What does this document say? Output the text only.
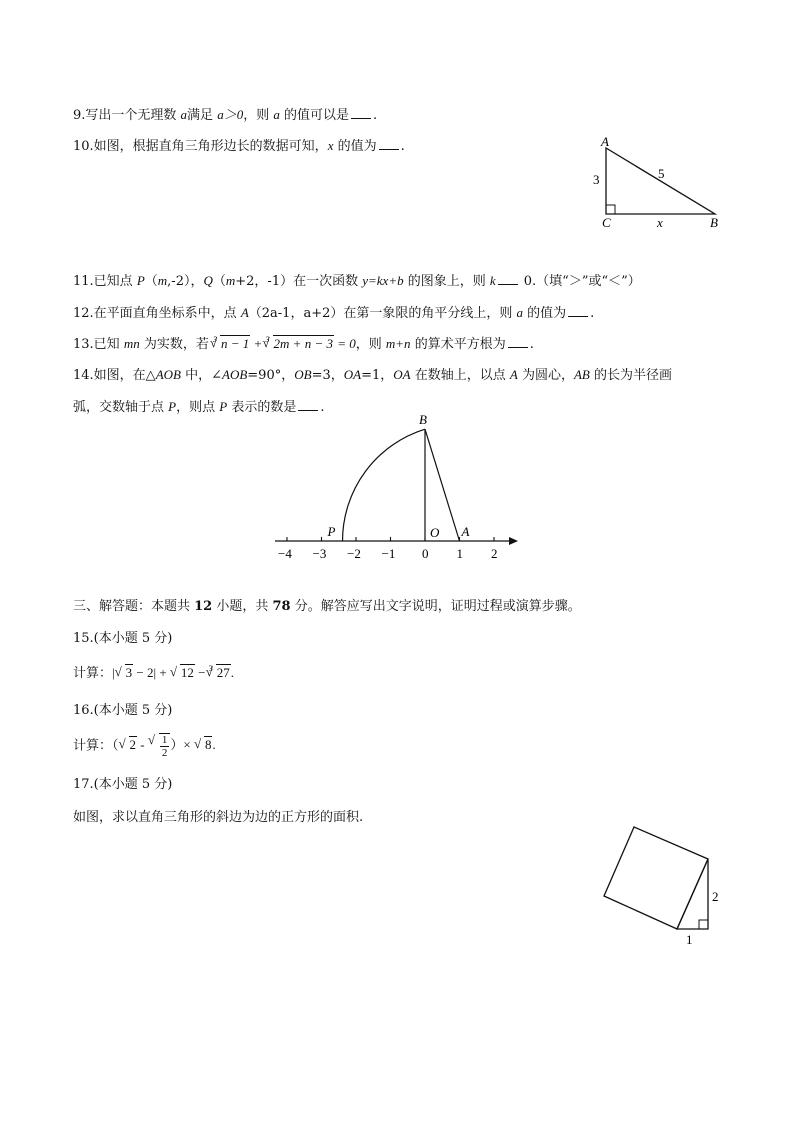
9.写出一个无理数 a满足 a＞0，则 a 的值可以是 .
10.如图，根据直角三角形边长的数据可知，x 的值为 .	A
C	B
3	5
x
11.已知点 P（m,-2），Q（m+2，-1）在一次函数 y=kx+b 的图象上，则 k 0.（填“＞”或“＜”）
12.在平面直角坐标系中，点 A（2a-1，a+2）在第一象限的角平分线上，则 a 的值为 .
13.已知 mn 为实数，若 $^3$ √ n − 1 + $^3$ √ 2m + n − 3 = 0，则 m+n 的算术平方根为 .
14.如图，在△AOB 中，∠AOB=90°，OB=3，OA=1，OA 在数轴上，以点 A 为圆心，AB 的长为半径画
弧，交数轴于点 P，则点 P 表示的数是 .
−4 −3 −2 −1 0 1 2
B
P	O A
三、解答题：本题共 12 小题，共 78 分。解答应写出文字说明，证明过程或演算步骤。
15.(本小题 5 分)
计算：| √ 3 − 2| + √ 12 − $^3$ √ 27.
16.(本小题 5 分)
计算：（ √ 2 - √ $\frac{1}{2}$ ）× √ 8.
17.(本小题 5 分)
如图，求以直角三角形的斜边为边的正方形的面积.
2
1
